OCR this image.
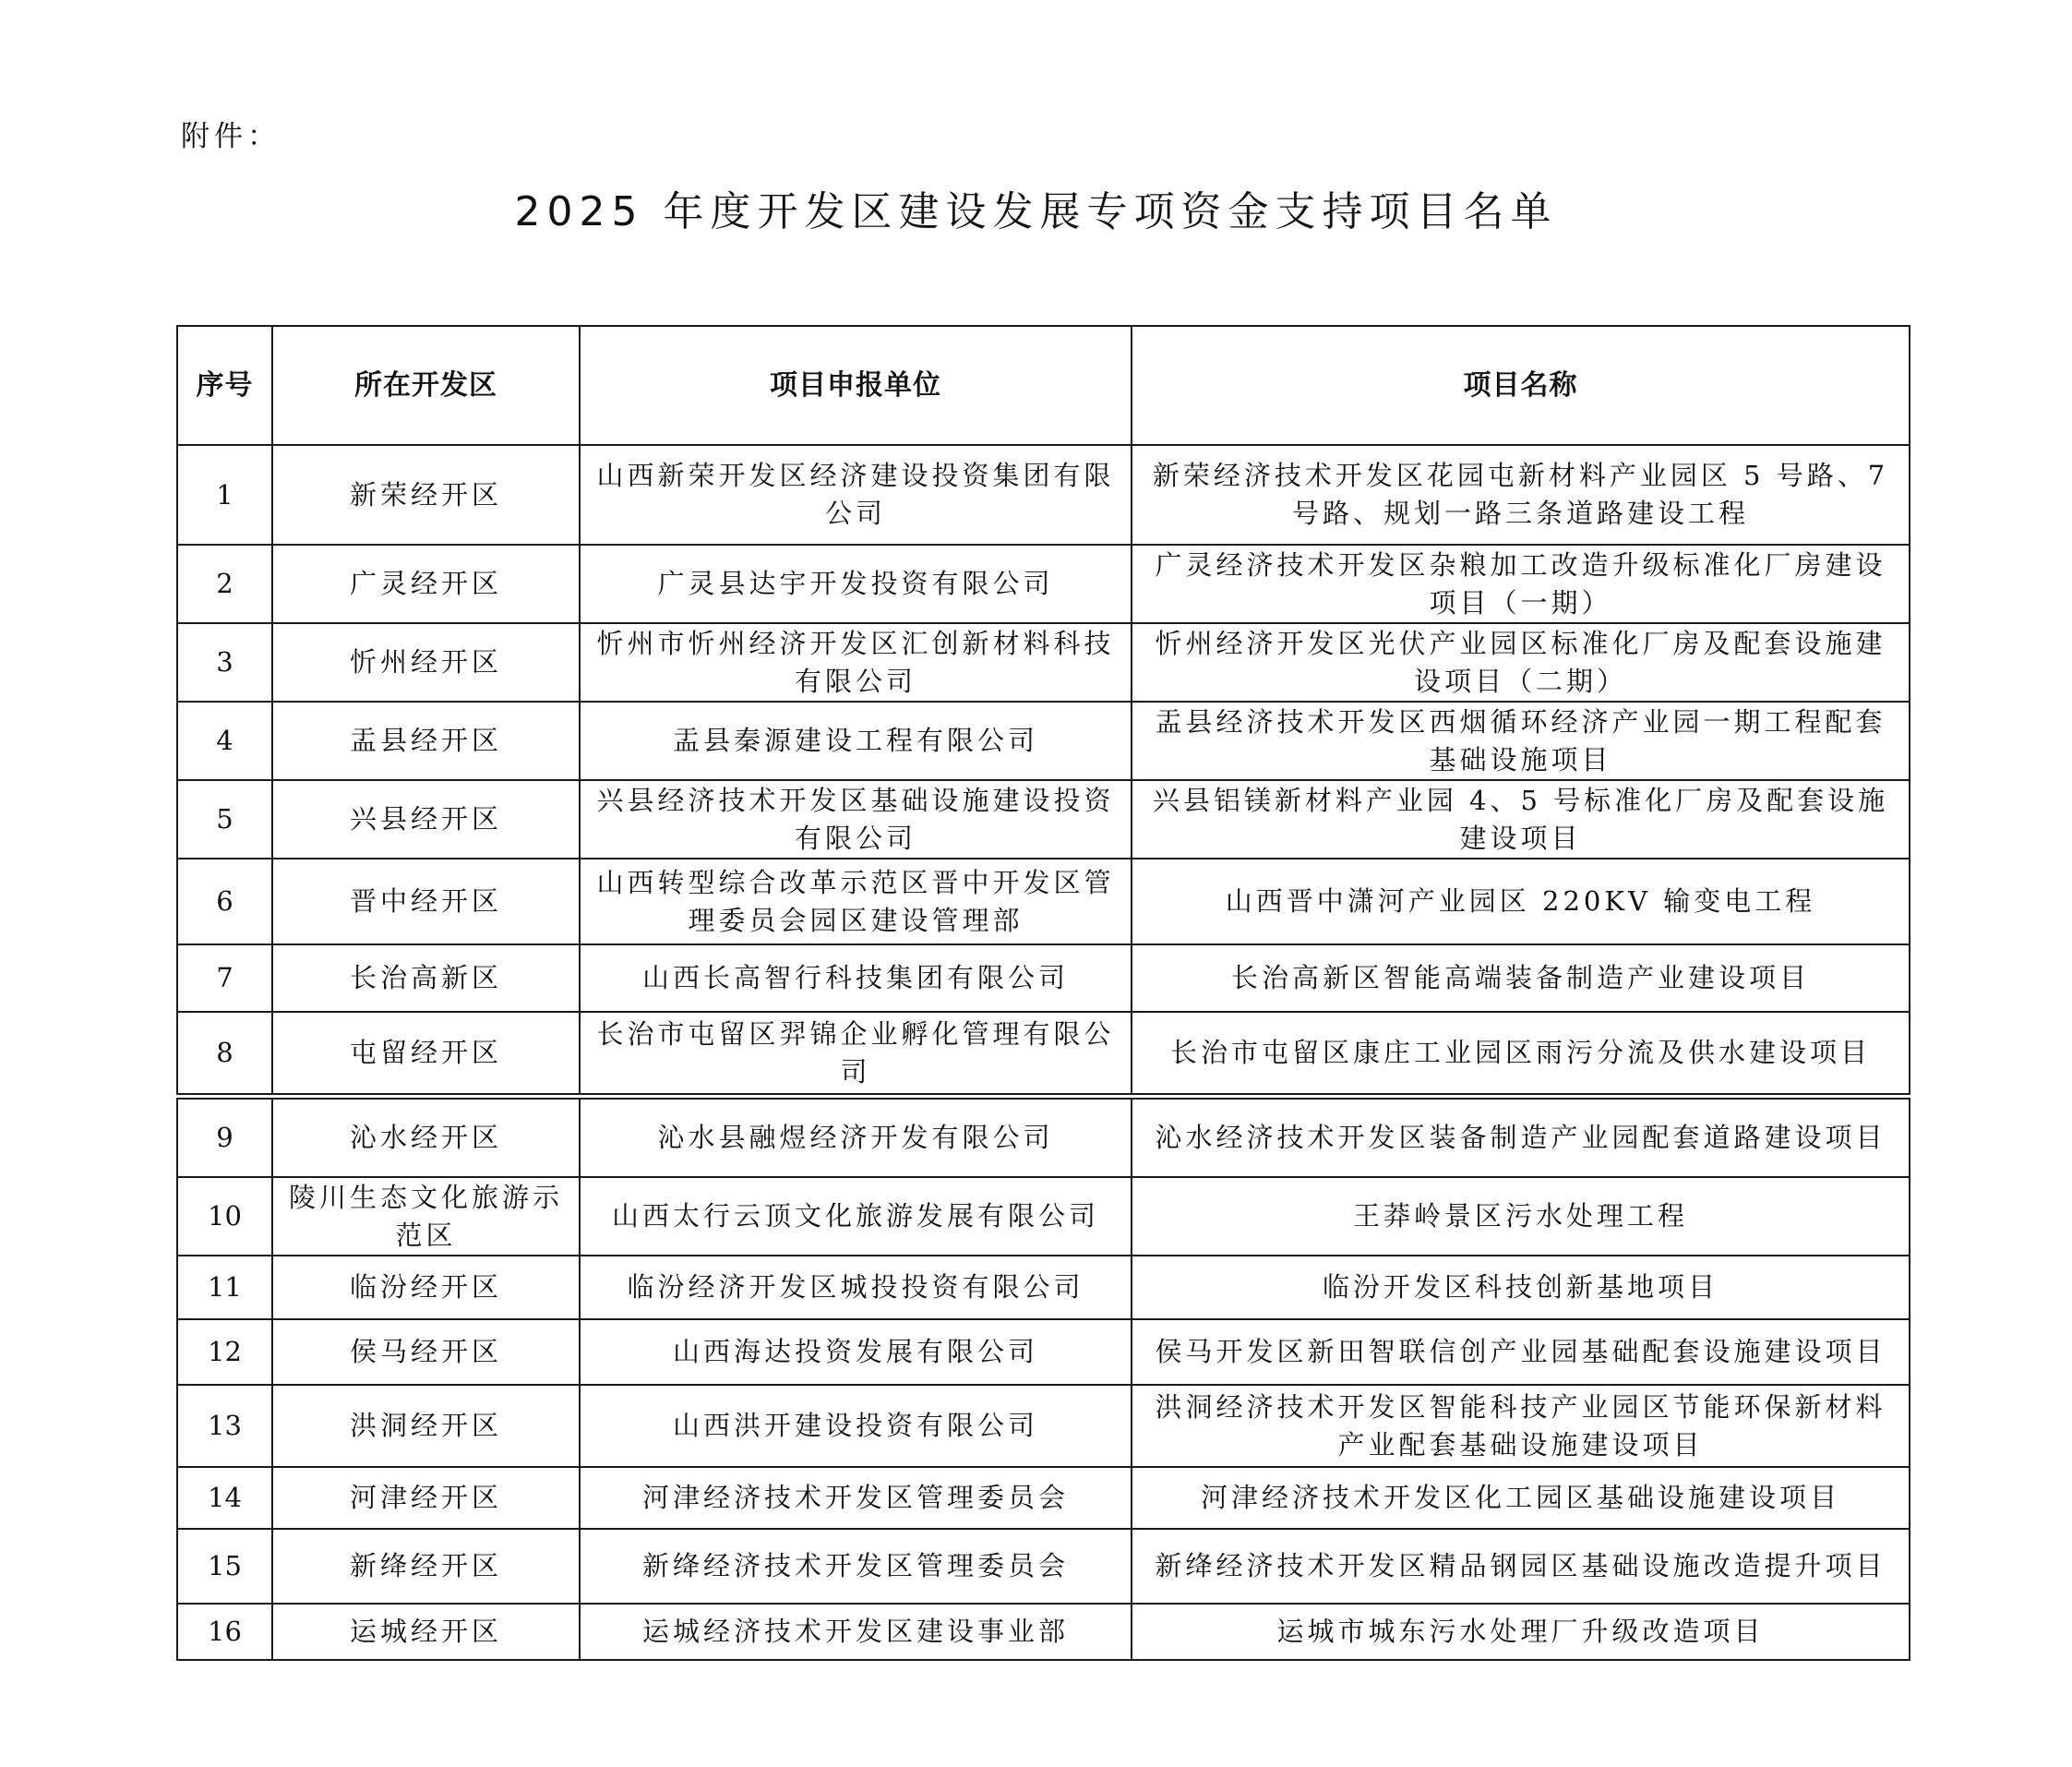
附件：
2025 年度开发区建设发展专项资金支持项目名单
序号	所在开发区	项目申报单位	项目名称
1	新荣经开区	山西新荣开发区经济建设投资集团有限公司	新荣经济技术开发区花园屯新材料产业园区 5 号路、7 号路、规划一路三条道路建设工程
2	广灵经开区	广灵县达宇开发投资有限公司	广灵经济技术开发区杂粮加工改造升级标准化厂房建设项目（一期）
3	忻州经开区	忻州市忻州经济开发区汇创新材料科技有限公司	忻州经济开发区光伏产业园区标准化厂房及配套设施建设项目（二期）
4	盂县经开区	盂县秦源建设工程有限公司	盂县经济技术开发区西烟循环经济产业园一期工程配套基础设施项目
5	兴县经开区	兴县经济技术开发区基础设施建设投资有限公司	兴县铝镁新材料产业园 4、5 号标准化厂房及配套设施建设项目
6	晋中经开区	山西转型综合改革示范区晋中开发区管理委员会园区建设管理部	山西晋中潇河产业园区 220KV 输变电工程
7	长治高新区	山西长高智行科技集团有限公司	长治高新区智能高端装备制造产业建设项目
8	屯留经开区	长治市屯留区羿锦企业孵化管理有限公司	长治市屯留区康庄工业园区雨污分流及供水建设项目
9	沁水经开区	沁水县融煜经济开发有限公司	沁水经济技术开发区装备制造产业园配套道路建设项目
10	陵川生态文化旅游示范区	山西太行云顶文化旅游发展有限公司	王莽岭景区污水处理工程
11	临汾经开区	临汾经济开发区城投投资有限公司	临汾开发区科技创新基地项目
12	侯马经开区	山西海达投资发展有限公司	侯马开发区新田智联信创产业园基础配套设施建设项目
13	洪洞经开区	山西洪开建设投资有限公司	洪洞经济技术开发区智能科技产业园区节能环保新材料产业配套基础设施建设项目
14	河津经开区	河津经济技术开发区管理委员会	河津经济技术开发区化工园区基础设施建设项目
15	新绛经开区	新绛经济技术开发区管理委员会	新绛经济技术开发区精品钢园区基础设施改造提升项目
16	运城经开区	运城经济技术开发区建设事业部	运城市城东污水处理厂升级改造项目
